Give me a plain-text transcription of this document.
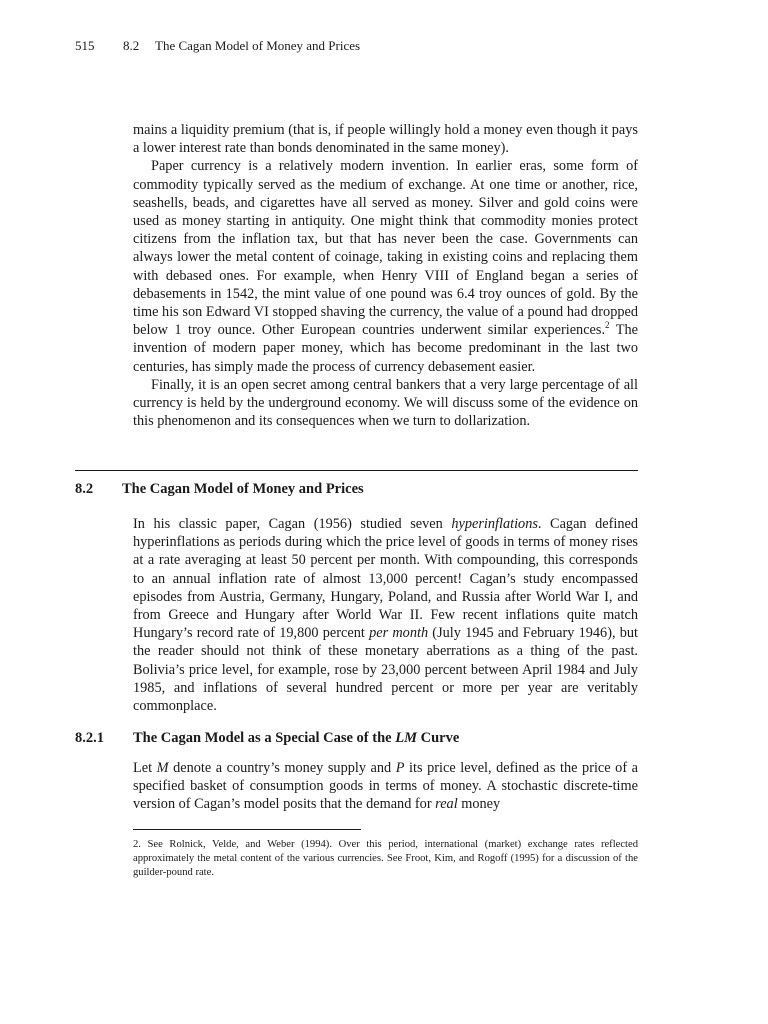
515 8.2 The Cagan Model of Money and Prices

mains a liquidity premium (that is, if people willingly hold a money even though it pays a lower interest rate than bonds denominated in the same money).

Paper currency is a relatively modern invention. In earlier eras, some form of commodity typically served as the medium of exchange. At one time or another, rice, seashells, beads, and cigarettes have all served as money. Silver and gold coins were used as money starting in antiquity. One might think that commodity monies protect citizens from the inflation tax, but that has never been the case. Governments can always lower the metal content of coinage, taking in existing coins and replacing them with debased ones. For example, when Henry VIII of England began a series of debasements in 1542, the mint value of one pound was 6.4 troy ounces of gold. By the time his son Edward VI stopped shaving the currency, the value of a pound had dropped below 1 troy ounce. Other European countries underwent similar experiences.$^2$ The invention of modern paper money, which has become predominant in the last two centuries, has simply made the process of currency debasement easier.

Finally, it is an open secret among central bankers that a very large percentage of all currency is held by the underground economy. We will discuss some of the evidence on this phenomenon and its consequences when we turn to dollarization.

8.2 The Cagan Model of Money and Prices

In his classic paper, Cagan (1956) studied seven hyperinflations. Cagan defined hyperinflations as periods during which the price level of goods in terms of money rises at a rate averaging at least 50 percent per month. With compounding, this corresponds to an annual inflation rate of almost 13,000 percent! Cagan’s study encompassed episodes from Austria, Germany, Hungary, Poland, and Russia after World War I, and from Greece and Hungary after World War II. Few recent inflations quite match Hungary’s record rate of 19,800 percent per month (July 1945 and February 1946), but the reader should not think of these monetary aberrations as a thing of the past. Bolivia’s price level, for example, rose by 23,000 percent between April 1984 and July 1985, and inflations of several hundred percent or more per year are veritably commonplace.

8.2.1 The Cagan Model as a Special Case of the LM Curve

Let M denote a country’s money supply and P its price level, defined as the price of a specified basket of consumption goods in terms of money. A stochastic discrete-time version of Cagan’s model posits that the demand for real money

2. See Rolnick, Velde, and Weber (1994). Over this period, international (market) exchange rates reflected approximately the metal content of the various currencies. See Froot, Kim, and Rogoff (1995) for a discussion of the guilder-pound rate.
